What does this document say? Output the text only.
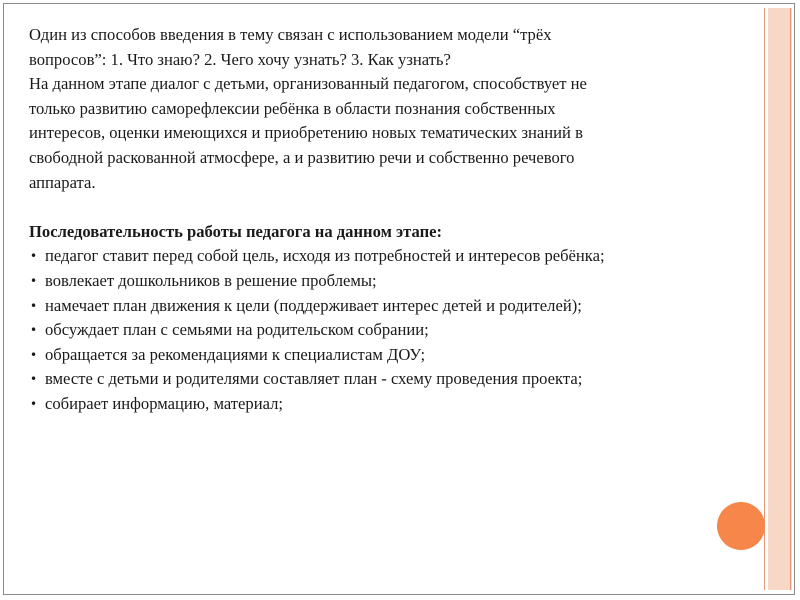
Один из способов введения в тему связан с использованием модели “трёх
вопросов”: 1. Что знаю? 2. Чего хочу узнать? 3. Как узнать?
На данном этапе диалог с детьми, организованный педагогом, способствует не
только развитию саморефлексии ребёнка в области познания собственных
интересов, оценки имеющихся и приобретению новых тематических знаний в
свободной раскованной атмосфере, а и развитию речи и собственно речевого
аппарата.
Последовательность работы педагога на данном этапе:
• педагог ставит перед собой цель, исходя из потребностей и интересов ребёнка;
• вовлекает дошкольников в решение проблемы;
• намечает план движения к цели (поддерживает интерес детей и родителей);
• обсуждает план с семьями на родительском собрании;
• обращается за рекомендациями к специалистам ДОУ;
• вместе с детьми и родителями составляет план - схему проведения проекта;
• собирает информацию, материал;
